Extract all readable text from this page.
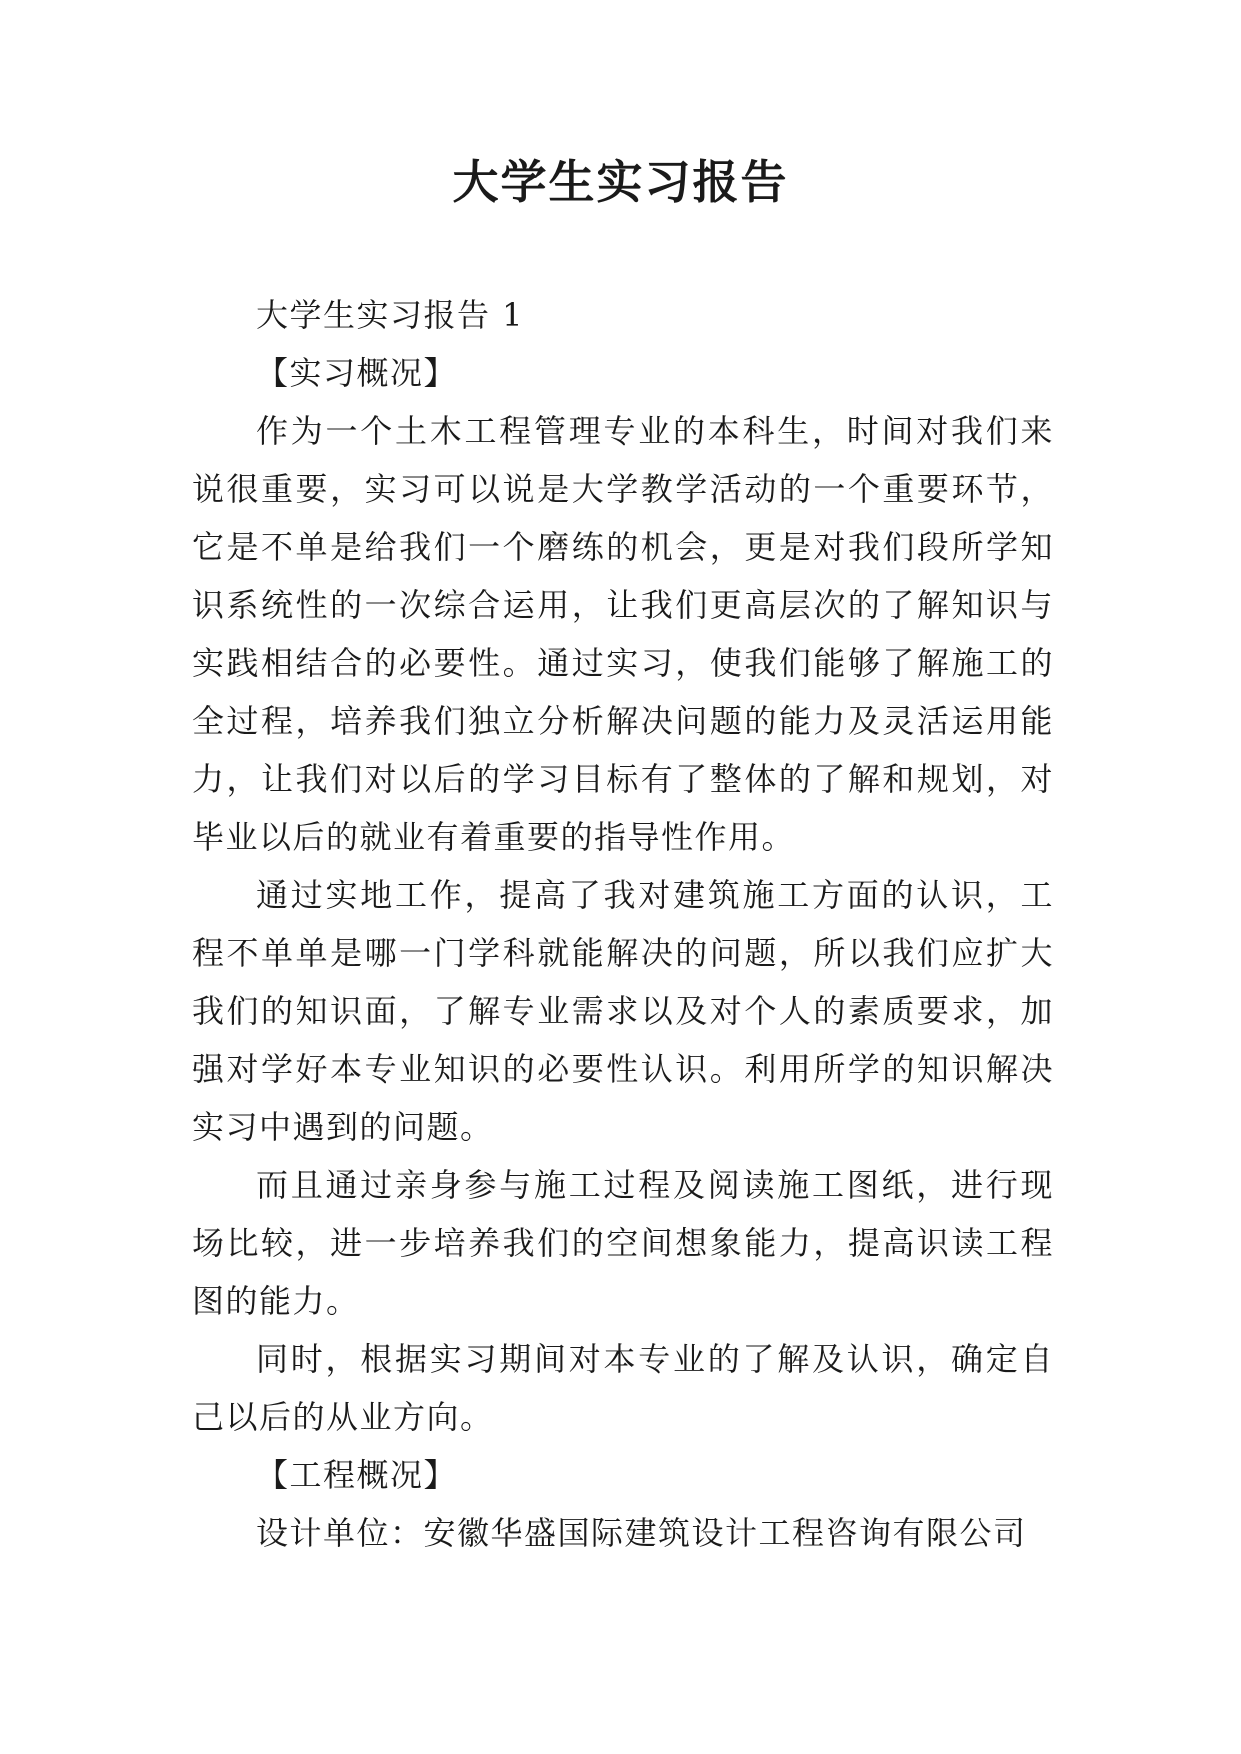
大学生实习报告

大学生实习报告 1

【实习概况】

作为一个土木工程管理专业的本科生，时间对我们来说很重要，实习可以说是大学教学活动的一个重要环节，它是不单是给我们一个磨练的机会，更是对我们段所学知识系统性的一次综合运用，让我们更高层次的了解知识与实践相结合的必要性。通过实习，使我们能够了解施工的全过程，培养我们独立分析解决问题的能力及灵活运用能力，让我们对以后的学习目标有了整体的了解和规划，对毕业以后的就业有着重要的指导性作用。

通过实地工作，提高了我对建筑施工方面的认识，工程不单单是哪一门学科就能解决的问题，所以我们应扩大我们的知识面，了解专业需求以及对个人的素质要求，加强对学好本专业知识的必要性认识。利用所学的知识解决实习中遇到的问题。

而且通过亲身参与施工过程及阅读施工图纸，进行现场比较，进一步培养我们的空间想象能力，提高识读工程图的能力。

同时，根据实习期间对本专业的了解及认识，确定自己以后的从业方向。

【工程概况】

设计单位：安徽华盛国际建筑设计工程咨询有限公司
